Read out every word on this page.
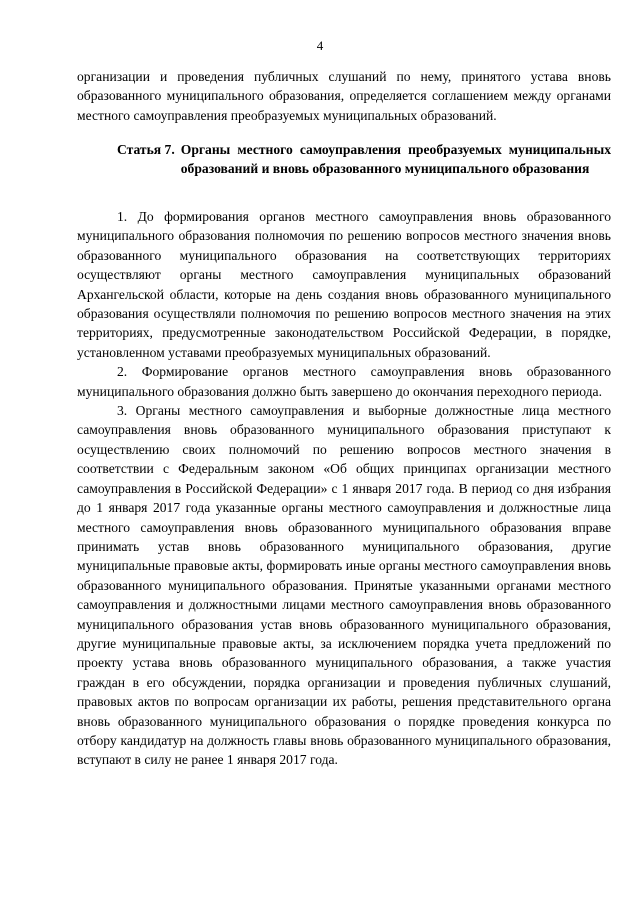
4
организации и проведения публичных слушаний по нему, принятого устава вновь образованного муниципального образования, определяется соглашением между органами местного самоуправления преобразуемых муниципальных образований.
Статья 7. Органы местного самоуправления преобразуемых муниципальных образований и вновь образованного муниципального образования

1. До формирования органов местного самоуправления вновь образованного муниципального образования полномочия по решению вопросов местного значения вновь образованного муниципального образования на соответствующих территориях осуществляют органы местного самоуправления муниципальных образований Архангельской области, которые на день создания вновь образованного муниципального образования осуществляли полномочия по решению вопросов местного значения на этих территориях, предусмотренные законодательством Российской Федерации, в порядке, установленном уставами преобразуемых муниципальных образований.

2. Формирование органов местного самоуправления вновь образованного муниципального образования должно быть завершено до окончания переходного периода.

3. Органы местного самоуправления и выборные должностные лица местного самоуправления вновь образованного муниципального образования приступают к осуществлению своих полномочий по решению вопросов местного значения в соответствии с Федеральным законом «Об общих принципах организации местного самоуправления в Российской Федерации» с 1 января 2017 года. В период со дня избрания до 1 января 2017 года указанные органы местного самоуправления и должностные лица местного самоуправления вновь образованного муниципального образования вправе принимать устав вновь образованного муниципального образования, другие муниципальные правовые акты, формировать иные органы местного самоуправления вновь образованного муниципального образования. Принятые указанными органами местного самоуправления и должностными лицами местного самоуправления вновь образованного муниципального образования устав вновь образованного муниципального образования, другие муниципальные правовые акты, за исключением порядка учета предложений по проекту устава вновь образованного муниципального образования, а также участия граждан в его обсуждении, порядка организации и проведения публичных слушаний, правовых актов по вопросам организации их работы, решения представительного органа вновь образованного муниципального образования о порядке проведения конкурса по отбору кандидатур на должность главы вновь образованного муниципального образования, вступают в силу не ранее 1 января 2017 года.
